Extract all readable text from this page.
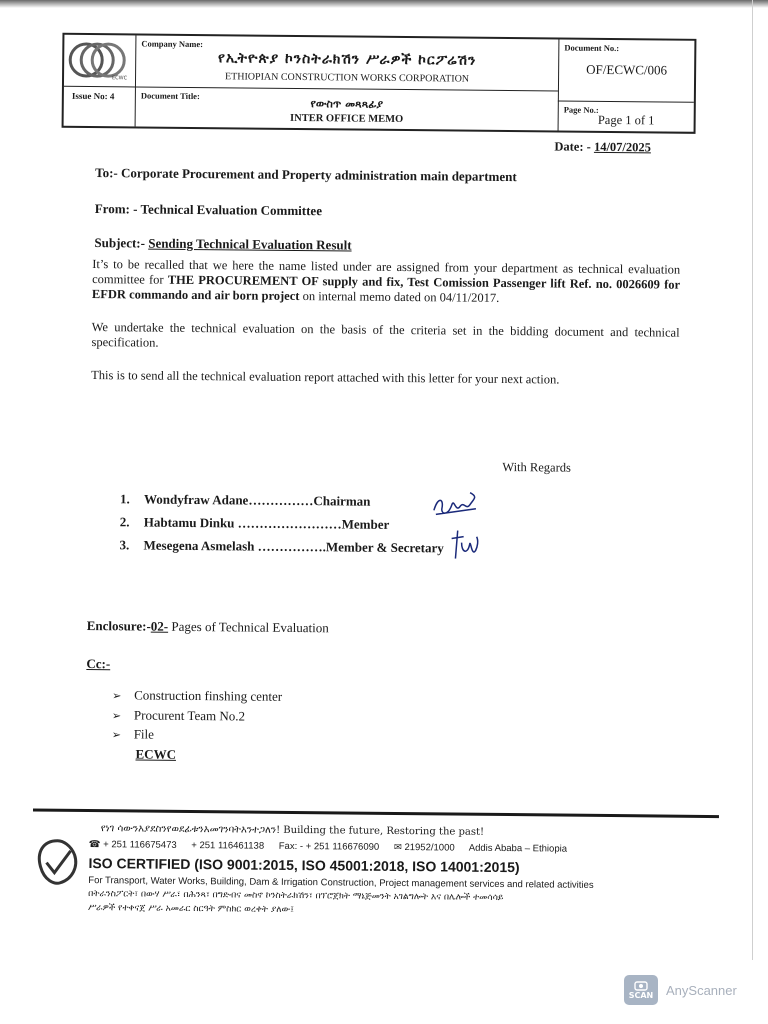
ECWC
Issue No: 4
Company Name:
የኢትዮጵያ ኮንስትራክሽን ሥራዎች ኮርፖሬሽን
ETHIOPIAN CONSTRUCTION WORKS CORPORATION
Document Title:
የውስጥ መጻጻፊያ
INTER OFFICE MEMO
Document No.:
OF/ECWC/006
Page No.:
Page 1 of 1
Date: - 14/07/2025
To:- Corporate Procurement and Property administration main department
From: - Technical Evaluation Committee
Subject:- Sending Technical Evaluation Result
It’s to be recalled that we here the name listed under are assigned from your department as technical evaluation committee for THE PROCUREMENT OF supply and fix, Test Comission Passenger lift Ref. no. 0026609 for EFDR commando and air born project on internal memo dated on 04/11/2017.
We undertake the technical evaluation on the basis of the criteria set in the bidding document and technical specification.
This is to send all the technical evaluation report attached with this letter for your next action.
With Regards
1. Wondyfraw Adane……………Chairman
2. Habtamu Dinku ……………………Member
3. Mesegena Asmelash …………….Member & Secretary
Enclosure:-02- Pages of Technical Evaluation
Cc:-
➢ Construction finshing center
➢ Procurent Team No.2
➢ File
ECWC
የነገ ሳውንእያደስንየወደፊቱንእመገንባትእንተጋለን! Building the future, Restoring the past!
☎ + 251 116675473 + 251 116461138 Fax: - + 251 116676090 ✉ 21952/1000 Addis Ababa – Ethiopia
ISO CERTIFIED (ISO 9001:2015, ISO 45001:2018, ISO 14001:2015)
For Transport, Water Works, Building, Dam & Irrigation Construction, Project management services and related activities
በትራንስፖርት፣ በውሃ ሥራ፣ በሕንጻ፣ በግድብና መስኖ ኮንስትራክሽን፣ በፕሮጀክት ማኔጅመንት አገልግሎት እና በሌሎች ተመሳሳይ
ሥራዎች የተቀናጀ ሥራ አመራር ስርዓት ምስክር ወረቀት ያለው፤
SCAN AnyScanner
